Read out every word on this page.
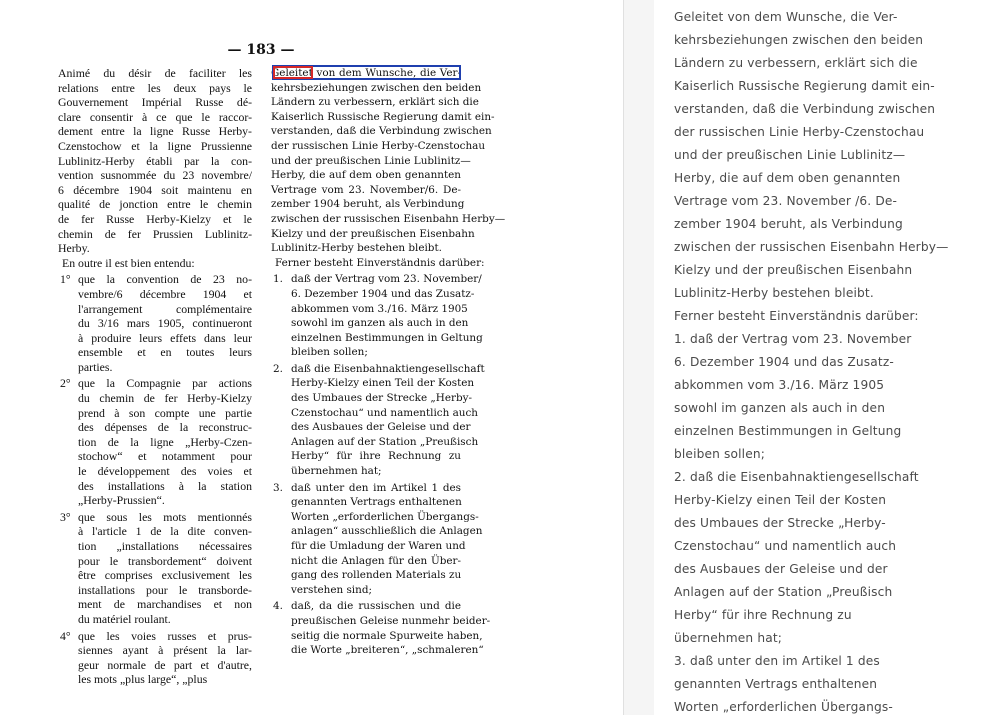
— 183 —
Animé du désir de faciliter les
relations entre les deux pays le
Gouvernement Impérial Russe dé-
clare consentir à ce que le raccor-
dement entre la ligne Russe Herby-
Czenstochow et la ligne Prussienne
Lublinitz-Herby établi par la con-
vention susnommée du 23 novembre/
6 décembre 1904 soit maintenu en
qualité de jonction entre le chemin
de fer Russe Herby-Kielzy et le
chemin de fer Prussien Lublinitz-
Herby.
En outre il est bien entendu:
1° que la convention de 23 no-
vembre/6 décembre 1904 et
l'arrangement complémentaire
du 3/16 mars 1905, continueront
à produire leurs effets dans leur
ensemble et en toutes leurs
parties.
2° que la Compagnie par actions
du chemin de fer Herby-Kielzy
prend à son compte une partie
des dépenses de la reconstruc-
tion de la ligne „Herby-Czen-
stochow“ et notamment pour
le développement des voies et
des installations à la station
„Herby-Prussien“.
3° que sous les mots mentionnés
à l'article 1 de la dite conven-
tion „installations nécessaires
pour le transbordement“ doivent
être comprises exclusivement les
installations pour le transborde-
ment de marchandises et non
du matériel roulant.
4° que les voies russes et prus-
siennes ayant à présent la lar-
geur normale de part et d'autre,
les mots „plus large“, „plus
Geleitet von dem Wunsche, die Ver-
kehrsbeziehungen zwischen den beiden
Ländern zu verbessern, erklärt sich die
Kaiserlich Russische Regierung damit ein-
verstanden, daß die Verbindung zwischen
der russischen Linie Herby-Czenstochau
und der preußischen Linie Lublinitz—
Herby, die auf dem oben genannten
Vertrage vom 23. November/6. De-
zember 1904 beruht, als Verbindung
zwischen der russischen Eisenbahn Herby—
Kielzy und der preußischen Eisenbahn
Lublinitz-Herby bestehen bleibt.
Ferner besteht Einverständnis darüber:
1. daß der Vertrag vom 23. November/
6. Dezember 1904 und das Zusatz-
abkommen vom 3./16. März 1905
sowohl im ganzen als auch in den
einzelnen Bestimmungen in Geltung
bleiben sollen;
2. daß die Eisenbahnaktiengesellschaft
Herby-Kielzy einen Teil der Kosten
des Umbaues der Strecke „Herby-
Czenstochau“ und namentlich auch
des Ausbaues der Geleise und der
Anlagen auf der Station „Preußisch
Herby“ für ihre Rechnung zu
übernehmen hat;
3. daß unter den im Artikel 1 des
genannten Vertrags enthaltenen
Worten „erforderlichen Übergangs-
anlagen“ ausschließlich die Anlagen
für die Umladung der Waren und
nicht die Anlagen für den Über-
gang des rollenden Materials zu
verstehen sind;
4. daß, da die russischen und die
preußischen Geleise nunmehr beider-
seitig die normale Spurweite haben,
die Worte „breiteren“, „schmaleren“
Geleitet von dem Wunsche, die Ver-
kehrsbeziehungen zwischen den beiden
Ländern zu verbessern, erklärt sich die
Kaiserlich Russische Regierung damit ein-
verstanden, daß die Verbindung zwischen
der russischen Linie Herby-Czenstochau
und der preußischen Linie Lublinitz—
Herby, die auf dem oben genannten
Vertrage vom 23. November /6. De-
zember 1904 beruht, als Verbindung
zwischen der russischen Eisenbahn Herby—
Kielzy und der preußischen Eisenbahn
Lublinitz-Herby bestehen bleibt.
Ferner besteht Einverständnis darüber:
1. daß der Vertrag vom 23. November
6. Dezember 1904 und das Zusatz-
abkommen vom 3./16. März 1905
sowohl im ganzen als auch in den
einzelnen Bestimmungen in Geltung
bleiben sollen;
2. daß die Eisenbahnaktiengesellschaft
Herby-Kielzy einen Teil der Kosten
des Umbaues der Strecke „Herby-
Czenstochau“ und namentlich auch
des Ausbaues der Geleise und der
Anlagen auf der Station „Preußisch
Herby“ für ihre Rechnung zu
übernehmen hat;
3. daß unter den im Artikel 1 des
genannten Vertrags enthaltenen
Worten „erforderlichen Übergangs-
